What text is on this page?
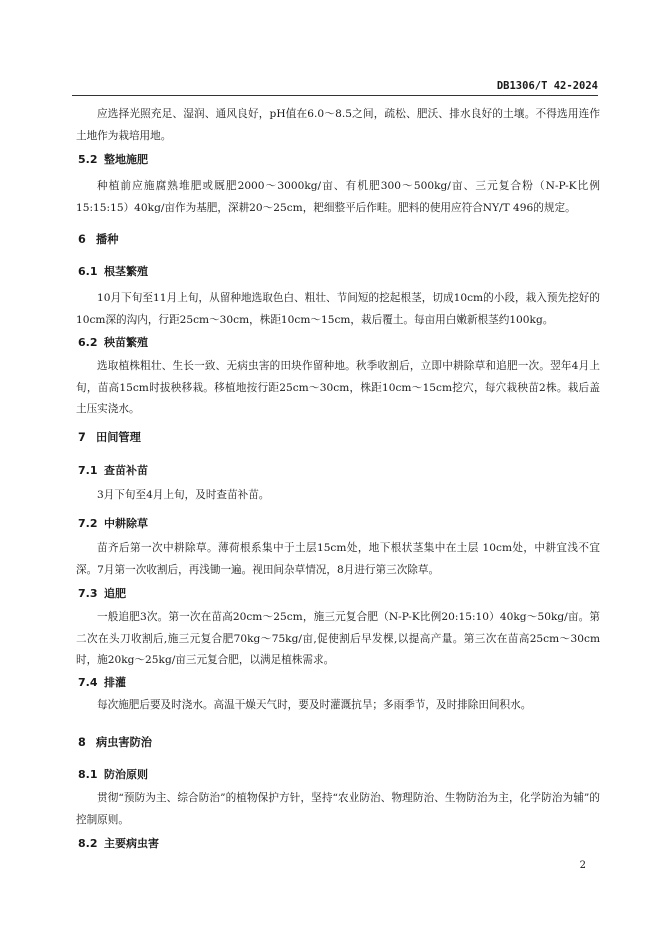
DB1306/T 42-2024

应选择光照充足、湿润、通风良好，pH值在6.0～8.5之间，疏松、肥沃、排水良好的土壤。不得选用连作土地作为栽培用地。

5.2 整地施肥

种植前应施腐熟堆肥或厩肥2000～3000kg/亩、有机肥300～500kg/亩、三元复合粉（N-P-K比例15:15:15）40kg/亩作为基肥，深耕20～25cm，耙细整平后作畦。肥料的使用应符合NY/T 496的规定。

6 播种
6.1 根茎繁殖

10月下旬至11月上旬，从留种地选取色白、粗壮、节间短的挖起根茎，切成10cm的小段，栽入预先挖好的10cm深的沟内，行距25cm～30cm，株距10cm～15cm，栽后覆土。每亩用白嫩新根茎约100kg。

6.2 秧苗繁殖

选取植株粗壮、生长一致、无病虫害的田块作留种地。秋季收割后，立即中耕除草和追肥一次。翌年4月上旬，苗高15cm时拔秧移栽。移植地按行距25cm～30cm，株距10cm～15cm挖穴，每穴栽秧苗2株。栽后盖土压实浇水。

7 田间管理
7.1 查苗补苗

3月下旬至4月上旬，及时查苗补苗。

7.2 中耕除草

苗齐后第一次中耕除草。薄荷根系集中于土层15cm处，地下根状茎集中在土层 10cm处，中耕宜浅不宜深。7月第一次收割后，再浅锄一遍。视田间杂草情况，8月进行第三次除草。

7.3 追肥

一般追肥3次。第一次在苗高20cm～25cm，施三元复合肥（N-P-K比例20:15:10）40kg～50kg/亩。第二次在头刀收割后,施三元复合肥70kg～75kg/亩,促使割后早发棵,以提高产量。第三次在苗高25cm～30cm时，施20kg～25kg/亩三元复合肥，以满足植株需求。

7.4 排灌

每次施肥后要及时浇水。高温干燥天气时，要及时灌溉抗旱；多雨季节，及时排除田间积水。

8 病虫害防治
8.1 防治原则

贯彻“预防为主、综合防治”的植物保护方针，坚持“农业防治、物理防治、生物防治为主，化学防治为辅”的控制原则。

8.2 主要病虫害
2
